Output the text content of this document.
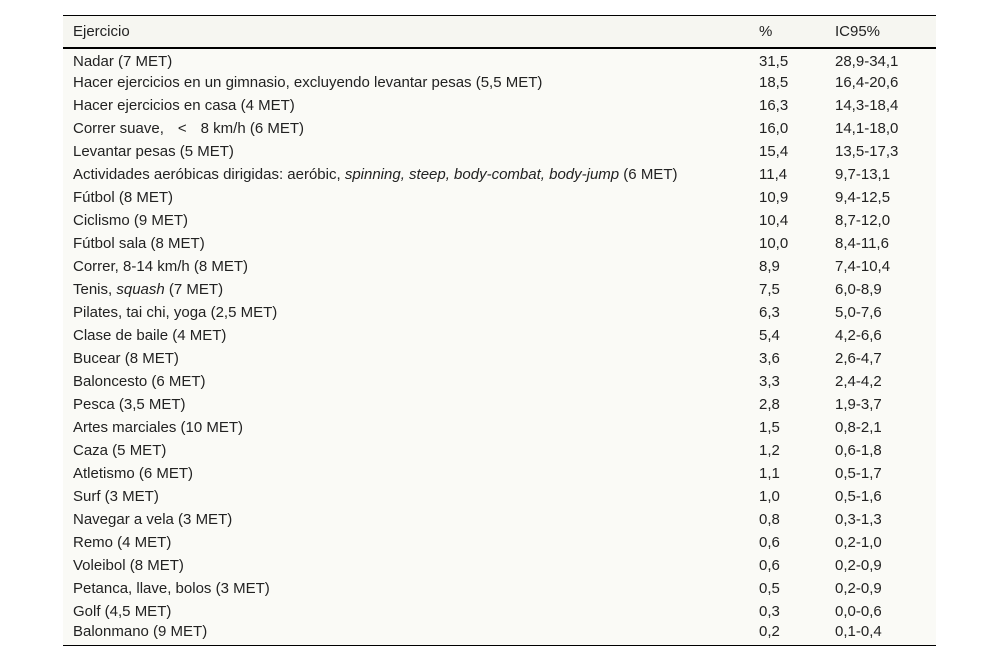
Ejercicio	%	IC95%
Nadar (7 MET)	31,5	28,9-34,1
Hacer ejercicios en un gimnasio, excluyendo levantar pesas (5,5 MET)	18,5	16,4-20,6
Hacer ejercicios en casa (4 MET)	16,3	14,3-18,4
Correr suave, < 8 km/h (6 MET)	16,0	14,1-18,0
Levantar pesas (5 MET)	15,4	13,5-17,3
Actividades aeróbicas dirigidas: aeróbic, spinning, steep, body-combat, body-jump (6 MET)	11,4	9,7-13,1
Fútbol (8 MET)	10,9	9,4-12,5
Ciclismo (9 MET)	10,4	8,7-12,0
Fútbol sala (8 MET)	10,0	8,4-11,6
Correr, 8-14 km/h (8 MET)	8,9	7,4-10,4
Tenis, squash (7 MET)	7,5	6,0-8,9
Pilates, tai chi, yoga (2,5 MET)	6,3	5,0-7,6
Clase de baile (4 MET)	5,4	4,2-6,6
Bucear (8 MET)	3,6	2,6-4,7
Baloncesto (6 MET)	3,3	2,4-4,2
Pesca (3,5 MET)	2,8	1,9-3,7
Artes marciales (10 MET)	1,5	0,8-2,1
Caza (5 MET)	1,2	0,6-1,8
Atletismo (6 MET)	1,1	0,5-1,7
Surf (3 MET)	1,0	0,5-1,6
Navegar a vela (3 MET)	0,8	0,3-1,3
Remo (4 MET)	0,6	0,2-1,0
Voleibol (8 MET)	0,6	0,2-0,9
Petanca, llave, bolos (3 MET)	0,5	0,2-0,9
Golf (4,5 MET)	0,3	0,0-0,6
Balonmano (9 MET)	0,2	0,1-0,4
